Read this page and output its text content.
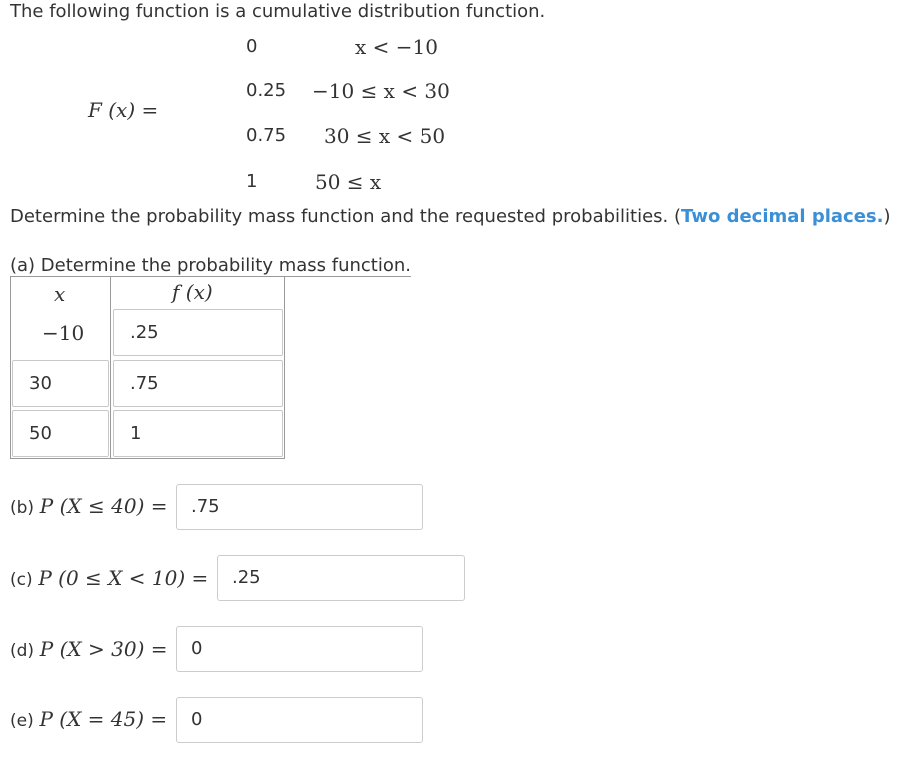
The following function is a cumulative distribution function.
F (x) =
0	x < −10
0.25 −10 ≤ x < 30
0.75 30 ≤ x < 50
1	50 ≤ x
Determine the probability mass function and the requested probabilities. (Two decimal places.)
(a) Determine the probability mass function.
x	f (x)
−10	.25
30	.75
50	1
(b) P (X ≤ 40) =	.75
(c) P (0 ≤ X < 10) =	.25
(d) P (X > 30) =	0
(e) P (X = 45) =	0
